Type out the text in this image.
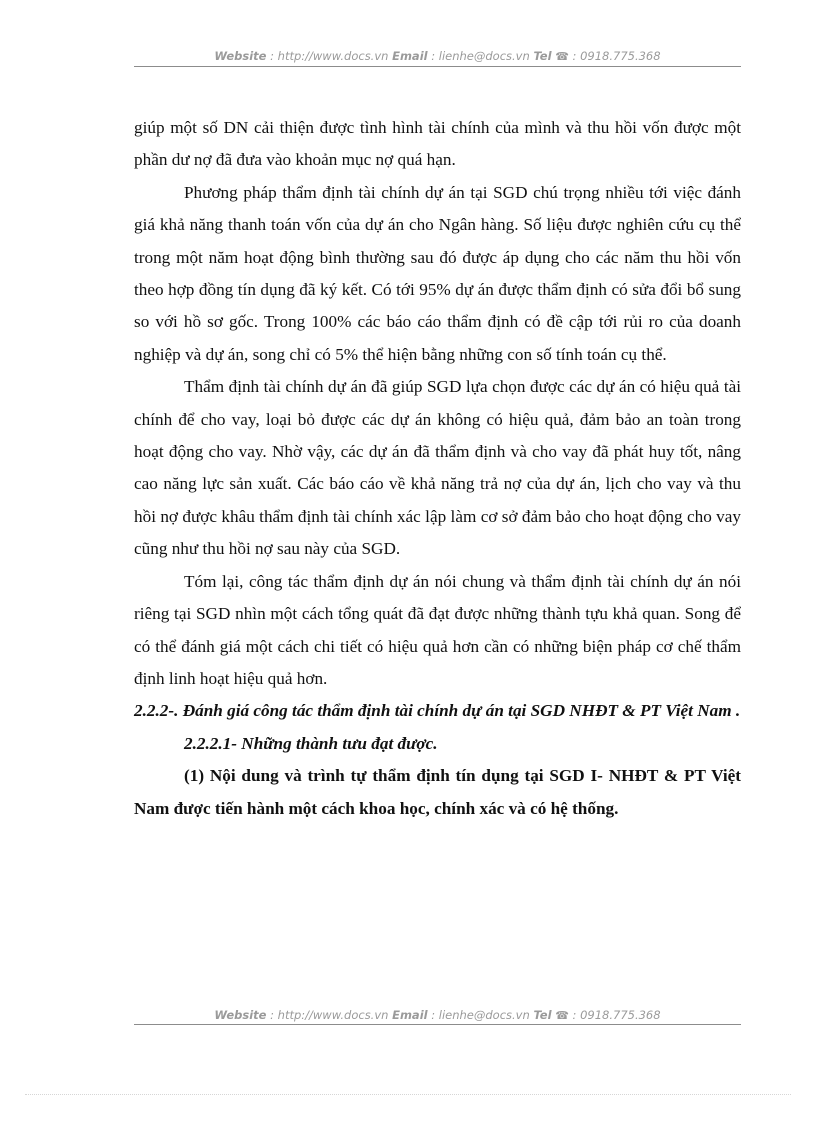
Website : http://www.docs.vn Email : lienhe@docs.vn Tel ☎ : 0918.775.368

giúp một số DN cải thiện được tình hình tài chính của mình và thu hồi vốn được một phần dư nợ đã đưa vào khoản mục nợ quá hạn.

Phương pháp thẩm định tài chính dự án tại SGD chú trọng nhiều tới việc đánh giá khả năng thanh toán vốn của dự án cho Ngân hàng. Số liệu được nghiên cứu cụ thể trong một năm hoạt động bình thường sau đó được áp dụng cho các năm thu hồi vốn theo hợp đồng tín dụng đã ký kết. Có tới 95% dự án được thẩm định có sửa đổi bổ sung so với hồ sơ gốc. Trong 100% các báo cáo thẩm định có đề cập tới rủi ro của doanh nghiệp và dự án, song chỉ có 5% thể hiện bằng những con số tính toán cụ thể.

Thẩm định tài chính dự án đã giúp SGD lựa chọn được các dự án có hiệu quả tài chính để cho vay, loại bỏ được các dự án không có hiệu quả, đảm bảo an toàn trong hoạt động cho vay. Nhờ vậy, các dự án đã thẩm định và cho vay đã phát huy tốt, nâng cao năng lực sản xuất. Các báo cáo về khả năng trả nợ của dự án, lịch cho vay và thu hồi nợ được khâu thẩm định tài chính xác lập làm cơ sở đảm bảo cho hoạt động cho vay cũng như thu hồi nợ sau này của SGD.

Tóm lại, công tác thẩm định dự án nói chung và thẩm định tài chính dự án nói riêng tại SGD nhìn một cách tổng quát đã đạt được những thành tựu khả quan. Song để có thể đánh giá một cách chi tiết có hiệu quả hơn cần có những biện pháp cơ chế thẩm định linh hoạt hiệu quả hơn.

2.2.2-. Đánh giá công tác thẩm định tài chính dự án tại SGD NHĐT & PT Việt Nam .

2.2.2.1- Những thành tưu đạt được.

(1) Nội dung và trình tự thẩm định tín dụng tại SGD I- NHĐT & PT Việt Nam được tiến hành một cách khoa học, chính xác và có hệ thống.

Website : http://www.docs.vn Email : lienhe@docs.vn Tel ☎ : 0918.775.368
